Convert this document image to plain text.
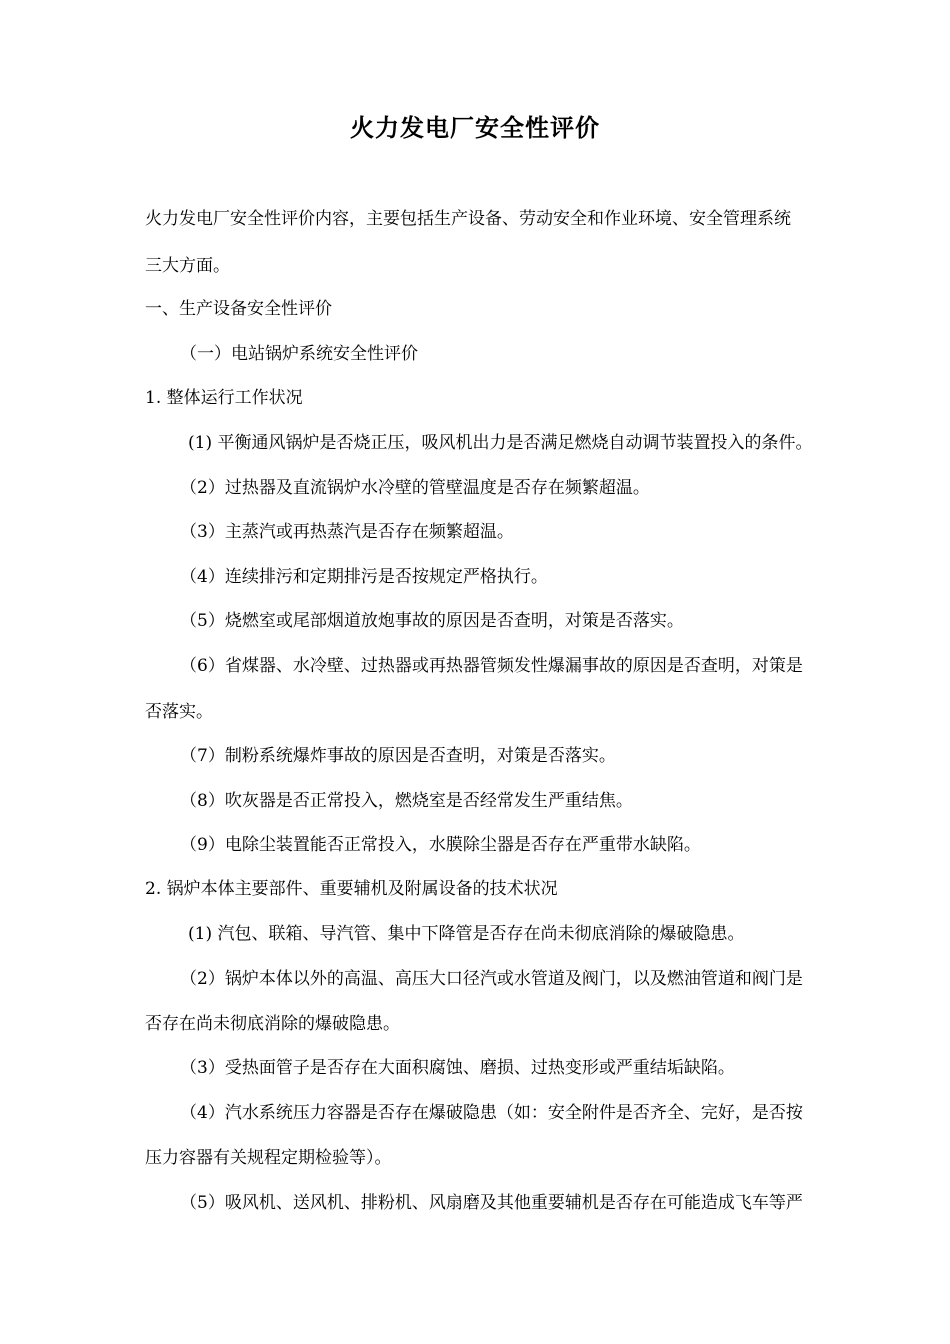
火力发电厂安全性评价
火力发电厂安全性评价内容，主要包括生产设备、劳动安全和作业环境、安全管理系统
三大方面。
一、生产设备安全性评价
（一）电站锅炉系统安全性评价
1. 整体运行工作状况
(1) 平衡通风锅炉是否烧正压，吸风机出力是否满足燃烧自动调节装置投入的条件。
（2）过热器及直流锅炉水冷壁的管壁温度是否存在频繁超温。
（3）主蒸汽或再热蒸汽是否存在频繁超温。
（4）连续排污和定期排污是否按规定严格执行。
（5）烧燃室或尾部烟道放炮事故的原因是否查明，对策是否落实。
（6）省煤器、水冷壁、过热器或再热器管频发性爆漏事故的原因是否查明，对策是
否落实。
（7）制粉系统爆炸事故的原因是否查明，对策是否落实。
（8）吹灰器是否正常投入，燃烧室是否经常发生严重结焦。
（9）电除尘装置能否正常投入，水膜除尘器是否存在严重带水缺陷。
2. 锅炉本体主要部件、重要辅机及附属设备的技术状况
(1) 汽包、联箱、导汽管、集中下降管是否存在尚未彻底消除的爆破隐患。
（2）锅炉本体以外的高温、高压大口径汽或水管道及阀门，以及燃油管道和阀门是
否存在尚未彻底消除的爆破隐患。
（3）受热面管子是否存在大面积腐蚀、磨损、过热变形或严重结垢缺陷。
（4）汽水系统压力容器是否存在爆破隐患（如：安全附件是否齐全、完好，是否按
压力容器有关规程定期检验等）。
（5）吸风机、送风机、排粉机、风扇磨及其他重要辅机是否存在可能造成飞车等严
